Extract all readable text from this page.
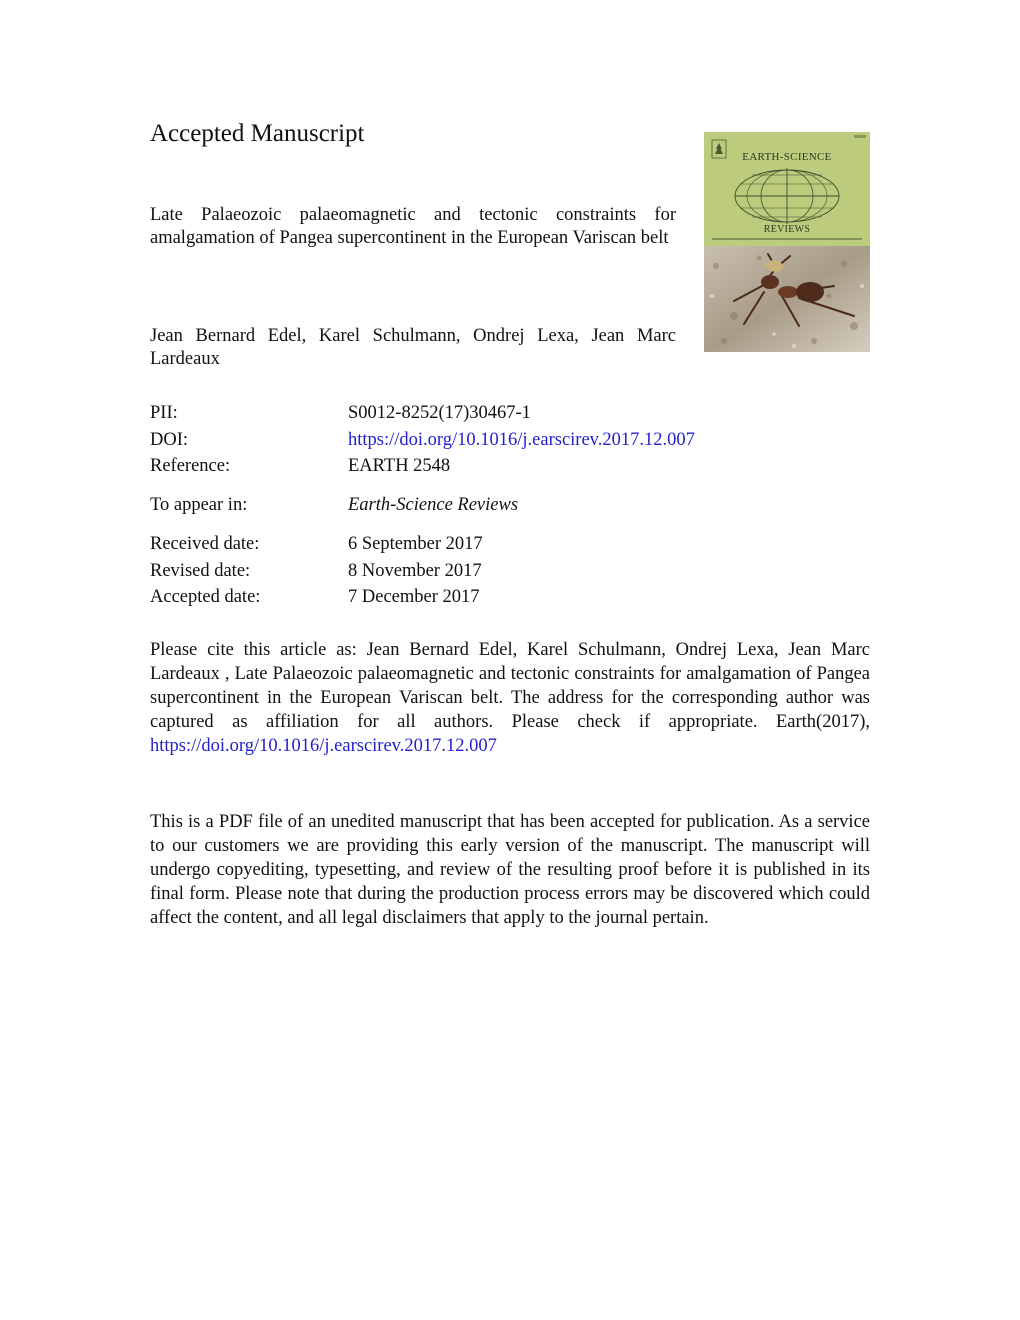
Accepted Manuscript
Late Palaeozoic palaeomagnetic and tectonic constraints for amalgamation of Pangea supercontinent in the European Variscan belt
Jean Bernard Edel, Karel Schulmann, Ondrej Lexa, Jean Marc Lardeaux
EARTH-SCIENCE
REVIEWS
PII:	S0012-8252(17)30467-1
DOI:	https://doi.org/10.1016/j.earscirev.2017.12.007
Reference:	EARTH 2548
To appear in:	Earth-Science Reviews
Received date:	6 September 2017
Revised date:	8 November 2017
Accepted date:	7 December 2017
Please cite this article as: Jean Bernard Edel, Karel Schulmann, Ondrej Lexa, Jean Marc Lardeaux , Late Palaeozoic palaeomagnetic and tectonic constraints for amalgamation of Pangea supercontinent in the European Variscan belt. The address for the corresponding author was captured as affiliation for all authors. Please check if appropriate. Earth(2017), https://doi.org/10.1016/j.earscirev.2017.12.007
This is a PDF file of an unedited manuscript that has been accepted for publication. As a service to our customers we are providing this early version of the manuscript. The manuscript will undergo copyediting, typesetting, and review of the resulting proof before it is published in its final form. Please note that during the production process errors may be discovered which could affect the content, and all legal disclaimers that apply to the journal pertain.
